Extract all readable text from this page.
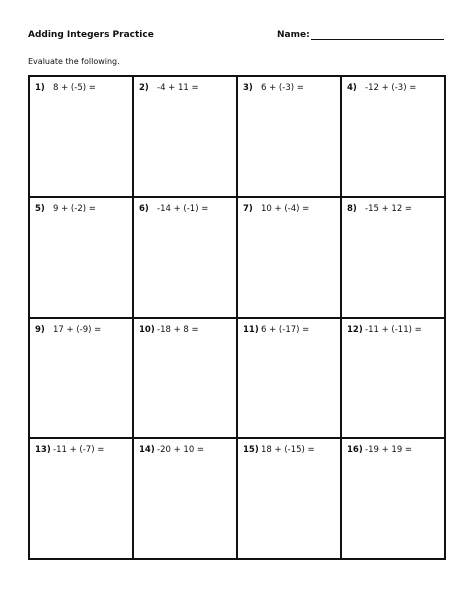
Adding Integers Practice	Name:
Evaluate the following.
1) 8 + (-5) =	2) -4 + 11 =	3) 6 + (-3) =	4) -12 + (-3) =
5) 9 + (-2) =	6) -14 + (-1) =	7) 10 + (-4) =	8) -15 + 12 =
9) 17 + (-9) =	10) -18 + 8 =	11) 6 + (-17) =	12) -11 + (-11) =
13) -11 + (-7) =	14) -20 + 10 =	15) 18 + (-15) =	16) -19 + 19 =
